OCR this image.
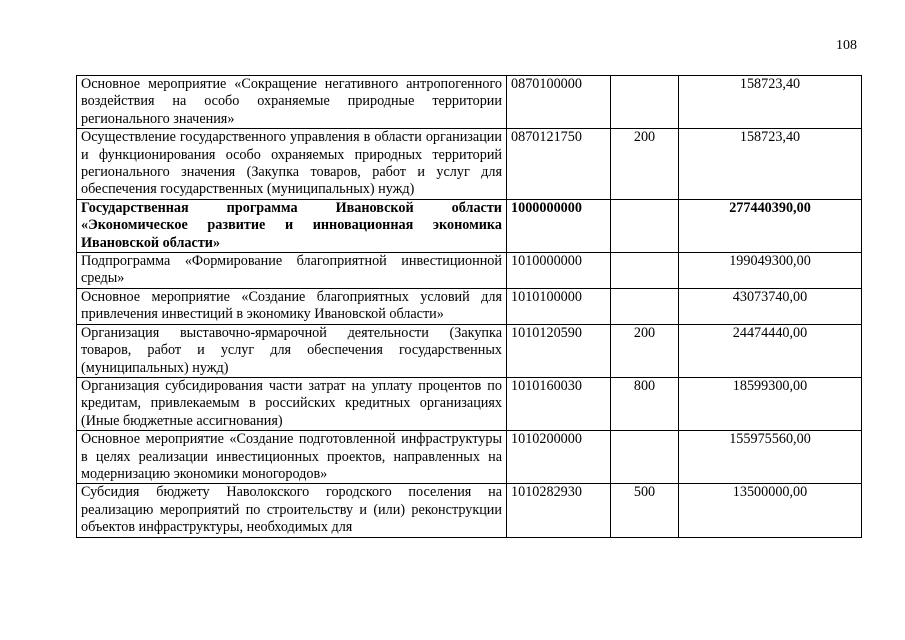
108
Основное мероприятие «Сокращение негативного антропогенного воздействия на особо охраняемые природные территории регионального значения»	0870100000		158723,40
Осуществление государственного управления в области организации и функционирования особо охраняемых природных территорий регионального значения (Закупка товаров, работ и услуг для обеспечения государственных (муниципальных) нужд)	0870121750	200	158723,40
Государственная программа Ивановской области «Экономическое развитие и инновационная экономика Ивановской области»	1000000000		277440390,00
Подпрограмма «Формирование благоприятной инвестиционной среды»	1010000000		199049300,00
Основное мероприятие «Создание благоприятных условий для привлечения инвестиций в экономику Ивановской области»	1010100000		43073740,00
Организация выставочно-ярмарочной деятельности (Закупка товаров, работ и услуг для обеспечения государственных (муниципальных) нужд)	1010120590	200	24474440,00
Организация субсидирования части затрат на уплату процентов по кредитам, привлекаемым в российских кредитных организациях (Иные бюджетные ассигнования)	1010160030	800	18599300,00
Основное мероприятие «Создание подготовленной инфраструктуры в целях реализации инвестиционных проектов, направленных на модернизацию экономики моногородов»	1010200000		155975560,00
Субсидия бюджету Наволокского городского поселения на реализацию мероприятий по строительству и (или) реконструкции объектов инфраструктуры, необходимых для	1010282930	500	13500000,00
